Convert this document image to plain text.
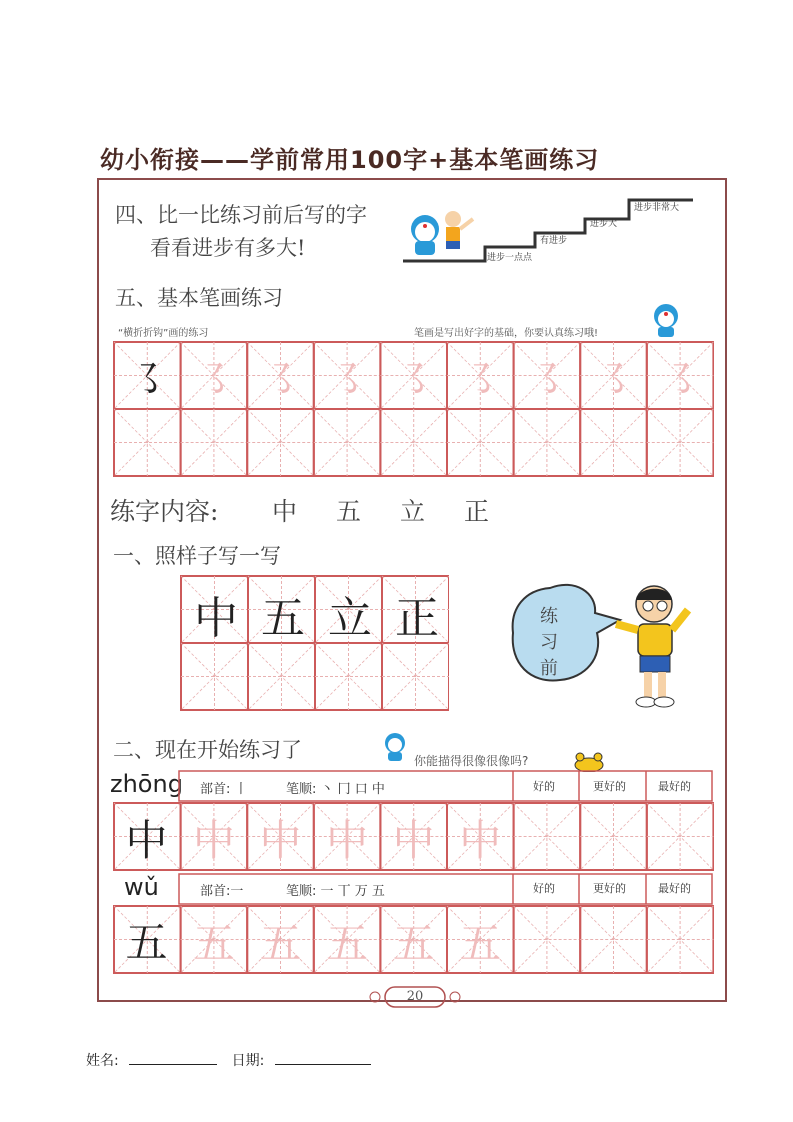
幼小衔接——学前常用100字+基本笔画练习
四、比一比练习前后写的字
看看进步有多大!	进步一点点
有进步
进步大
进步非常大
五、基本笔画练习
“横折折钩”画的练习	笔画是写出好字的基础，你要认真练习哦!
㇌ ㇌ ㇌ ㇌ ㇌ ㇌ ㇌ ㇌ ㇌
练字内容: 中 五 立 正
一、照样子写一写
中 五 立 正	练
习
前
二、现在开始练习了	你能描得很像很像吗?
zhōng 部首: 丨	笔顺: 丶 冂 口 中	好的	更好的	最好的
中 中 中 中 中 中
wǔ	部首:一	笔顺: 一 丅 万 五	好的	更好的	最好的
五 五 五 五 五 五
20
姓名:	日期:
